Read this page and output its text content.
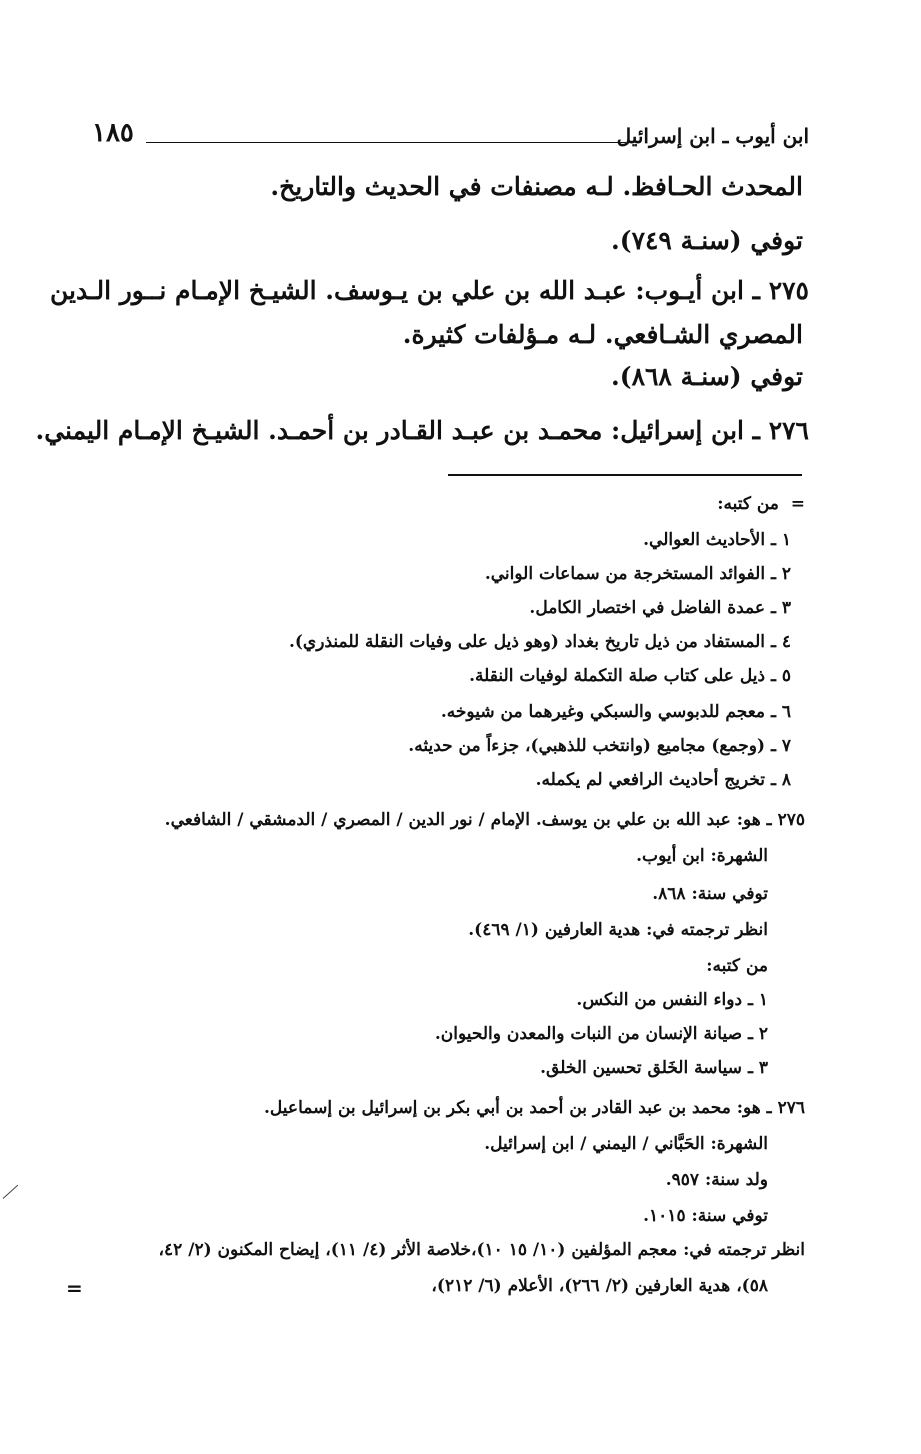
١٨٥	ابن أيوب ـ ابن إسرائيل
المحدث الحـافظ. لـه مصنفات في الحديث والتاريخ.
توفي (سنـة ٧٤٩).
٢٧٥ ـ ابن أيـوب: عبـد الله بن علي بن يـوسف. الشيـخ الإمـام نــور الـدين
المصري الشـافعي. لـه مـؤلفات كثيرة.
توفي (سنـة ٨٦٨).
٢٧٦ ـ ابن إسرائيل: محمـد بن عبـد القـادر بن أحمـد. الشيـخ الإمـام اليمني.
=  من كتبه:
١ ـ الأحاديث العوالي.
٢ ـ الفوائد المستخرجة من سماعات الواني.
٣ ـ عمدة الفاضل في اختصار الكامل.
٤ ـ المستفاد من ذيل تاريخ بغداد (وهو ذيل على وفيات النقلة للمنذري).
٥ ـ ذيل على كتاب صلة التكملة لوفيات النقلة.
٦ ـ معجم للدبوسي والسبكي وغيرهما من شيوخه.
٧ ـ (وجمع) مجاميع (وانتخب للذهبي)، جزءاً من حديثه.
٨ ـ تخريج أحاديث الرافعي لم يكمله.
٢٧٥ ـ هو: عبد الله بن علي بن يوسف. الإمام / نور الدين / المصري / الدمشقي / الشافعي.
الشهرة: ابن أيوب.
توفي سنة: ٨٦٨.
انظر ترجمته في: هدية العارفين (١/ ٤٦٩).
من كتبه:
١ ـ دواء النفس من النكس.
٢ ـ صيانة الإنسان من النبات والمعدن والحيوان.
٣ ـ سياسة الخَلق تحسين الخلق.
٢٧٦ ـ هو: محمد بن عبد القادر بن أحمد بن أبي بكر بن إسرائيل بن إسماعيل.
الشهرة: الحَبَّاني / اليمني / ابن إسرائيل.
ولد سنة: ٩٥٧.
توفي سنة: ١٠١٥.
انظر ترجمته في: معجم المؤلفين (١٠/ ١٥ ١٠)،خلاصة الأثر (٤/ ١١)، إيضاح المكنون (٢/ ٤٢،
٥٨)، هدية العارفين (٢/ ٢٦٦)، الأعلام (٦/ ٢١٢)،
=
